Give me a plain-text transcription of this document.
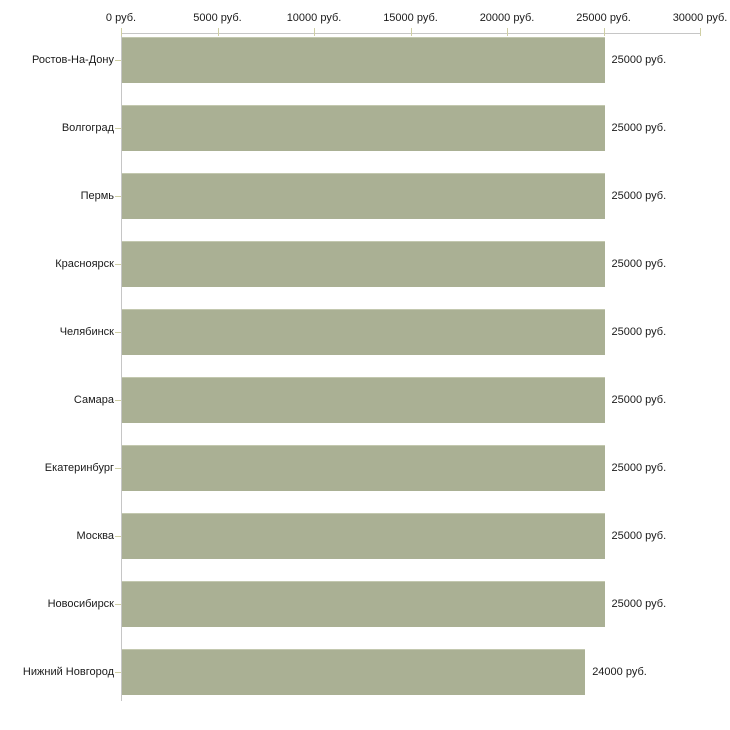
0 руб.	5000 руб.	10000 руб.	15000 руб.	20000 руб.	25000 руб.	30000 руб.
Ростов-На-Дону	25000 руб.
Волгоград	25000 руб.
Пермь	25000 руб.
Красноярск	25000 руб.
Челябинск	25000 руб.
Самара	25000 руб.
Екатеринбург	25000 руб.
Москва	25000 руб.
Новосибирск	25000 руб.
Нижний Новгород	24000 руб.
